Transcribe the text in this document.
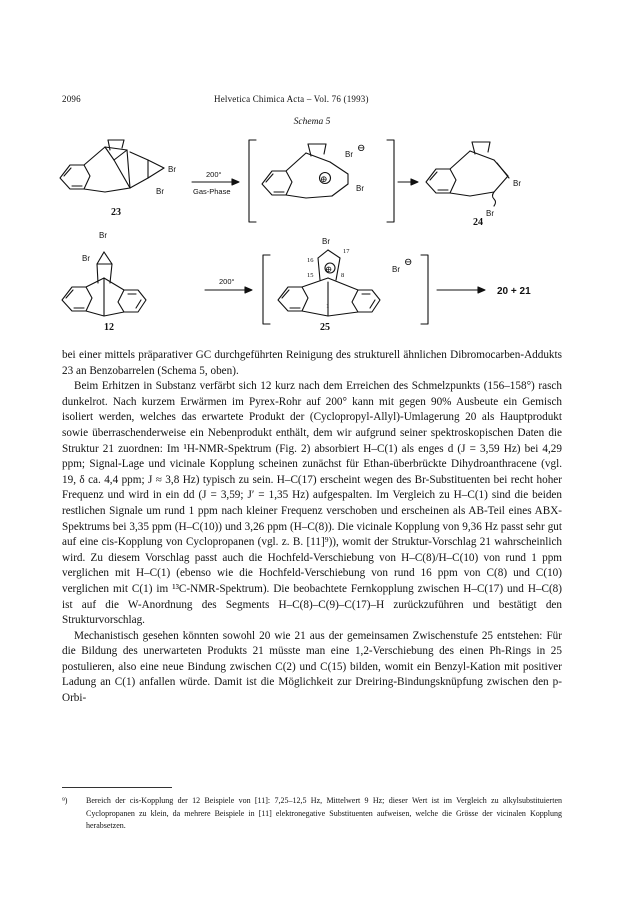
2096	Helvetica Chimica Acta – Vol. 76 (1993)
Schema 5
Br
Br
23
200°
Gas-Phase
⊕
Br
⊖
Br
Br
Br
24
Br
Br
12
200°
⊕
Br
Br
⊖
16
17
15	8
1
25
20 + 21

bei einer mittels präparativer GC durchgeführten Reinigung des strukturell ähnlichen Dibromocarben-Addukts 23 an Benzobarrelen (Schema 5, oben).

Beim Erhitzen in Substanz verfärbt sich 12 kurz nach dem Erreichen des Schmelzpunkts (156–158°) rasch dunkelrot. Nach kurzem Erwärmen im Pyrex-Rohr auf 200° kann mit gegen 90% Ausbeute ein Gemisch isoliert werden, welches das erwartete Produkt der (Cyclopropyl-Allyl)-Umlagerung 20 als Hauptprodukt sowie überraschenderweise ein Nebenprodukt enthält, dem wir aufgrund seiner spektroskopischen Daten die Struktur 21 zuordnen: Im ¹H-NMR-Spektrum (Fig. 2) absorbiert H–C(1) als enges d (J = 3,59 Hz) bei 4,29 ppm; Signal-Lage und vicinale Kopplung scheinen zunächst für Ethan-überbrückte Dihydroanthracene (vgl. 19, δ ca. 4,4 ppm; J ≈ 3,8 Hz) typisch zu sein. H–C(17) erscheint wegen des Br-Substituenten bei recht hoher Frequenz und wird in ein dd (J = 3,59; J′ = 1,35 Hz) aufgespalten. Im Vergleich zu H–C(1) sind die beiden restlichen Signale um rund 1 ppm nach kleiner Frequenz verschoben und erscheinen als AB-Teil eines ABX-Spektrums bei 3,35 ppm (H–C(10)) und 3,26 ppm (H–C(8)). Die vicinale Kopplung von 9,36 Hz passt sehr gut auf eine cis-Kopplung von Cyclopropanen (vgl. z. B. [11]⁹)), womit der Struktur-Vorschlag 21 wahrscheinlich wird. Zu diesem Vorschlag passt auch die Hochfeld-Verschiebung von H–C(8)/H–C(10) von rund 1 ppm verglichen mit H–C(1) (ebenso wie die Hochfeld-Verschiebung von rund 16 ppm von C(8) und C(10) verglichen mit C(1) im ¹³C-NMR-Spektrum). Die beobachtete Fernkopplung zwischen H–C(17) und H–C(8) ist auf die W-Anordnung des Segments H–C(8)–C(9)–C(17)–H zurückzuführen und bestätigt den Strukturvorschlag.

Mechanistisch gesehen könnten sowohl 20 wie 21 aus der gemeinsamen Zwischenstufe 25 entstehen: Für die Bildung des unerwarteten Produkts 21 müsste man eine 1,2-Verschiebung des einen Ph-Rings in 25 postulieren, also eine neue Bindung zwischen C(2) und C(15) bilden, womit ein Benzyl-Kation mit positiver Ladung an C(1) anfallen würde. Damit ist die Möglichkeit zur Dreiring-Bindungsknüpfung zwischen den p-Orbi-

⁹) Bereich der cis-Kopplung der 12 Beispiele von [11]: 7,25–12,5 Hz, Mittelwert 9 Hz; dieser Wert ist im Vergleich zu alkylsubstituierten Cyclopropanen zu klein, da mehrere Beispiele in [11] elektronegative Substituenten aufweisen, welche die Grösse der vicinalen Kopplung herabsetzen.
